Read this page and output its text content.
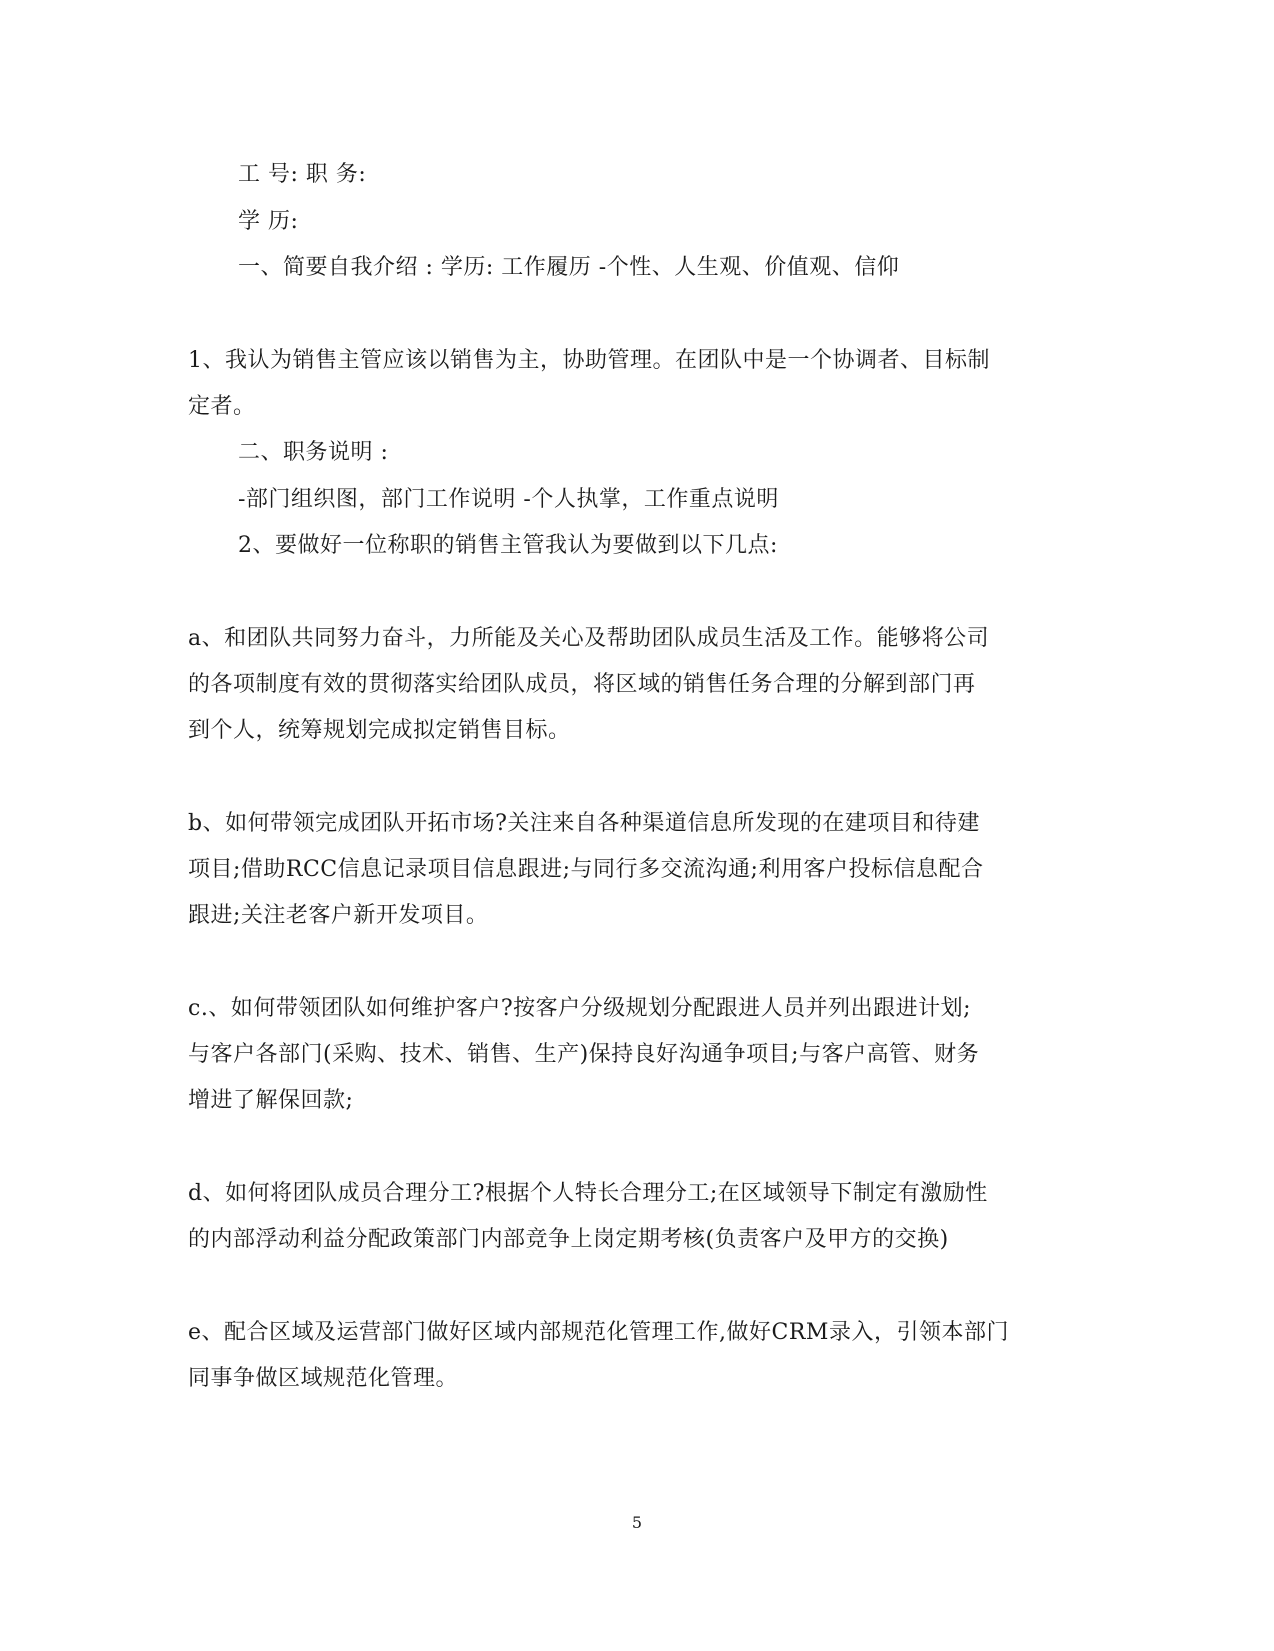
工 号: 职 务:
学 历:
一、简要自我介绍 : 学历: 工作履历 -个性、人生观、价值观、信仰
1、我认为销售主管应该以销售为主，协助管理。在团队中是一个协调者、目标制
定者。
二、职务说明 :
-部门组织图，部门工作说明 -个人执掌，工作重点说明
2、要做好一位称职的销售主管我认为要做到以下几点:
a、和团队共同努力奋斗，力所能及关心及帮助团队成员生活及工作。能够将公司
的各项制度有效的贯彻落实给团队成员，将区域的销售任务合理的分解到部门再
到个人，统筹规划完成拟定销售目标。
b、如何带领完成团队开拓市场?关注来自各种渠道信息所发现的在建项目和待建
项目;借助RCC信息记录项目信息跟进;与同行多交流沟通;利用客户投标信息配合
跟进;关注老客户新开发项目。
c.、如何带领团队如何维护客户?按客户分级规划分配跟进人员并列出跟进计划;
与客户各部门(采购、技术、销售、生产)保持良好沟通争项目;与客户高管、财务
增进了解保回款;
d、如何将团队成员合理分工?根据个人特长合理分工;在区域领导下制定有激励性
的内部浮动利益分配政策部门内部竞争上岗定期考核(负责客户及甲方的交换)
e、配合区域及运营部门做好区域内部规范化管理工作,做好CRM录入，引领本部门
同事争做区域规范化管理。
5
